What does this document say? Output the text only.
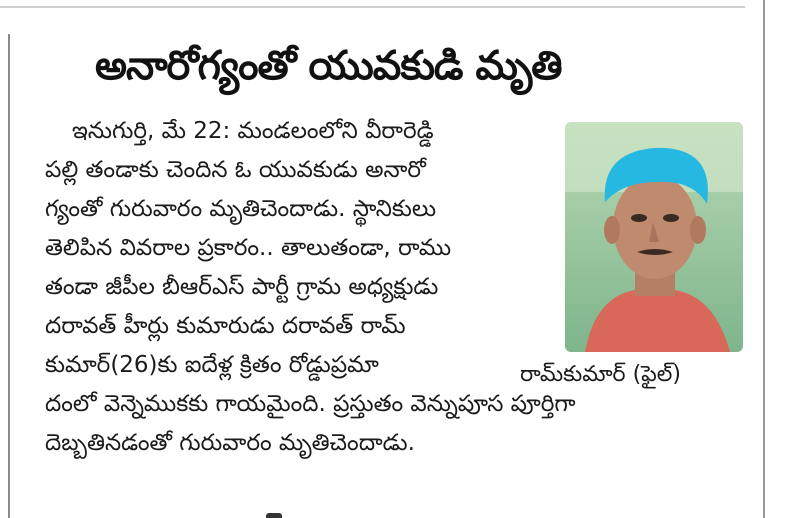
అనారోగ్యంతో యువకుడి మృతి
ఇనుగుర్తి, మే 22: మండలంలోని వీరారెడ్డి
పల్లి తండాకు చెందిన ఓ యువకుడు అనారో
గ్యంతో గురువారం మృతిచెందాడు. స్థానికులు
తెలిపిన వివరాల ప్రకారం.. తాలుతండా, రాము
తండా జీపీల బీఆర్ఎస్ పార్టీ గ్రామ అధ్యక్షుడు
దరావత్ హీర్లు కుమారుడు దరావత్ రామ్
కుమార్(26)కు ఐదేళ్ల క్రితం రోడ్డుప్రమా
దంలో వెన్నెముకకు గాయమైంది. ప్రస్తుతం వెన్నుపూస పూర్తిగా
దెబ్బతినడంతో గురువారం మృతిచెందాడు.
రామ్‌కుమార్ (ఫైల్)
